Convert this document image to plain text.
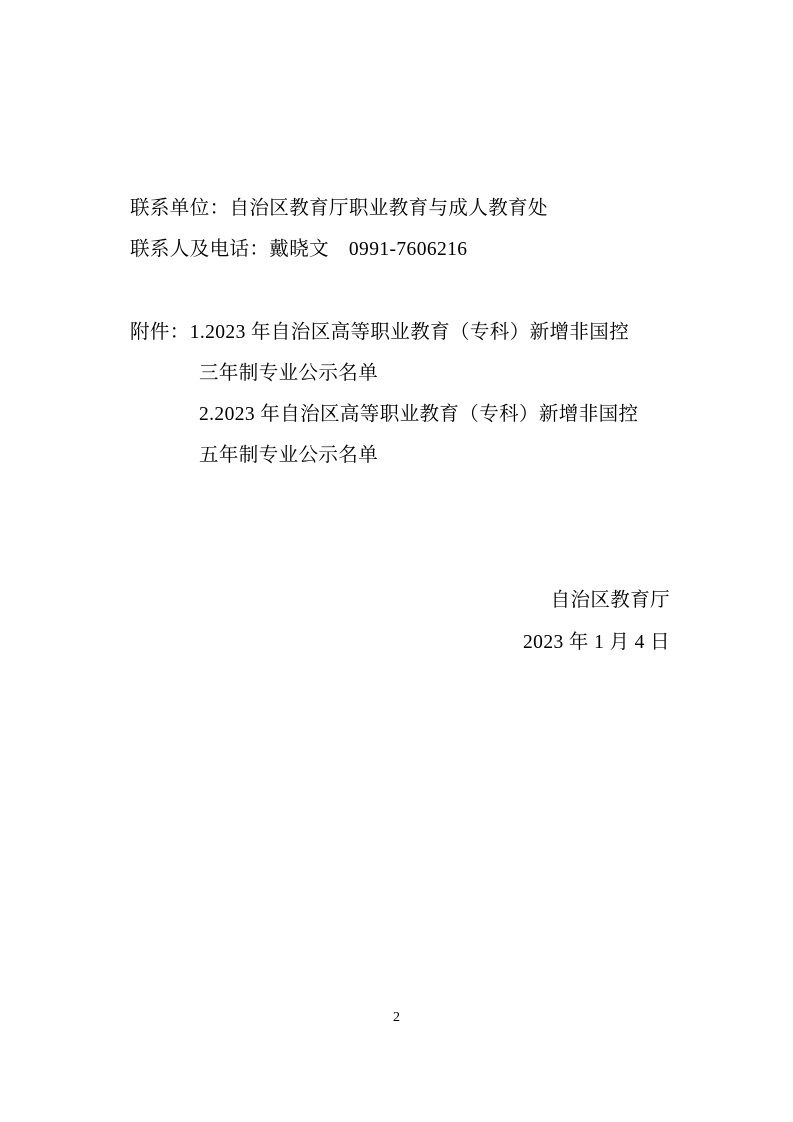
联系单位：自治区教育厅职业教育与成人教育处
联系人及电话：戴晓文　0991-7606216
附件：1.2023 年自治区高等职业教育（专科）新增非国控
三年制专业公示名单
2.2023 年自治区高等职业教育（专科）新增非国控
五年制专业公示名单
自治区教育厅
2023 年 1 月 4 日
2
